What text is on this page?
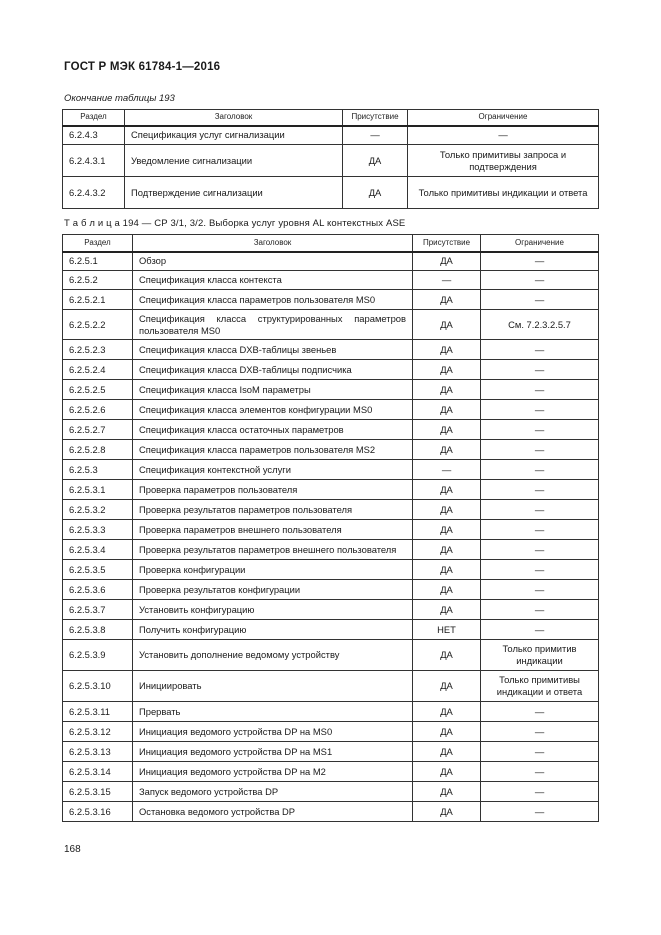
ГОСТ Р МЭК 61784-1—2016
Окончание таблицы 193
Раздел	Заголовок	Присутствие	Ограничение
6.2.4.3	Спецификация услуг сигнализации	—	—
6.2.4.3.1	Уведомление сигнализации	ДА	Только примитивы запроса и подтверждения
6.2.4.3.2	Подтверждение сигнализации	ДА	Только примитивы индикации и ответа
Т а б л и ц а 194 — СР 3/1, 3/2. Выборка услуг уровня AL контекстных ASE
Раздел	Заголовок	Присутствие	Ограничение
6.2.5.1	Обзор	ДА	—
6.2.5.2	Спецификация класса контекста	—	—
6.2.5.2.1	Спецификация класса параметров пользователя MS0	ДА	—
6.2.5.2.2	Спецификация класса структурированных параметров пользователя MS0	ДА	См. 7.2.3.2.5.7
6.2.5.2.3	Спецификация класса DXB-таблицы звеньев	ДА	—
6.2.5.2.4	Спецификация класса DXB-таблицы подписчика	ДА	—
6.2.5.2.5	Спецификация класса IsoM параметры	ДА	—
6.2.5.2.6	Спецификация класса элементов конфигурации MS0	ДА	—
6.2.5.2.7	Спецификация класса остаточных параметров	ДА	—
6.2.5.2.8	Спецификация класса параметров пользователя MS2	ДА	—
6.2.5.3	Спецификация контекстной услуги	—	—
6.2.5.3.1	Проверка параметров пользователя	ДА	—
6.2.5.3.2	Проверка результатов параметров пользователя	ДА	—
6.2.5.3.3	Проверка параметров внешнего пользователя	ДА	—
6.2.5.3.4	Проверка результатов параметров внешнего пользователя	ДА	—
6.2.5.3.5	Проверка конфигурации	ДА	—
6.2.5.3.6	Проверка результатов конфигурации	ДА	—
6.2.5.3.7	Установить конфигурацию	ДА	—
6.2.5.3.8	Получить конфигурацию	НЕТ	—
6.2.5.3.9	Установить дополнение ведомому устройству	ДА	Только примитив индикации
6.2.5.3.10	Инициировать	ДА	Только примитивы индикации и ответа
6.2.5.3.11	Прервать	ДА	—
6.2.5.3.12	Инициация ведомого устройства DP на MS0	ДА	—
6.2.5.3.13	Инициация ведомого устройства DP на MS1	ДА	—
6.2.5.3.14	Инициация ведомого устройства DP на M2	ДА	—
6.2.5.3.15	Запуск ведомого устройства DP	ДА	—
6.2.5.3.16	Остановка ведомого устройства DP	ДА	—
168
